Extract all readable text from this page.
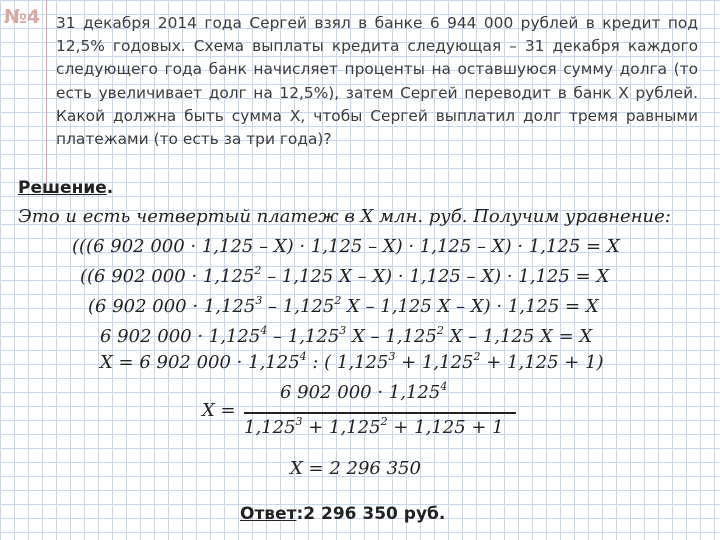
№4 31 декабря 2014 года Сергей взял в банке 6 944 000 рублей в кредит под 12,5% годовых. Схема выплаты кредита следующая – 31 декабря каждого следующего года банк начисляет проценты на оставшуюся сумму долга (то есть увеличивает долг на 12,5%), затем Сергей переводит в банк X рублей. Какой должна быть сумма X, чтобы Сергей выплатил долг тремя равными платежами (то есть за три года)?
Решение.
Это и есть четвертый платеж в X млн. руб. Получим уравнение:
(((6 902 000 · 1,125 – X) · 1,125 – X) · 1,125 – X) · 1,125 = X
((6 902 $000 \cdot 1,125^2 - 1,125$ X – X) · 1,125 – X) · 1,125 = X
(6 902 $000 \cdot 1,125^3 - 1,125^2$ X – 1,125 X – X) · 1,125 = X
6 902 $000 \cdot 1,125^4 - 1,125^3$ X – 1,125$^2$ X – 1,125 X = X
X = 6 902 $000 \cdot 1,125^4$ : ( $1,125^3 + 1,125^2 + 1,125 + 1$)
X =
6 902 $000 \cdot 1,125^4$
$1,125^3 + 1,125^2 + 1,125 + 1$
X = 2 296 350
Ответ:2 296 350 руб.
